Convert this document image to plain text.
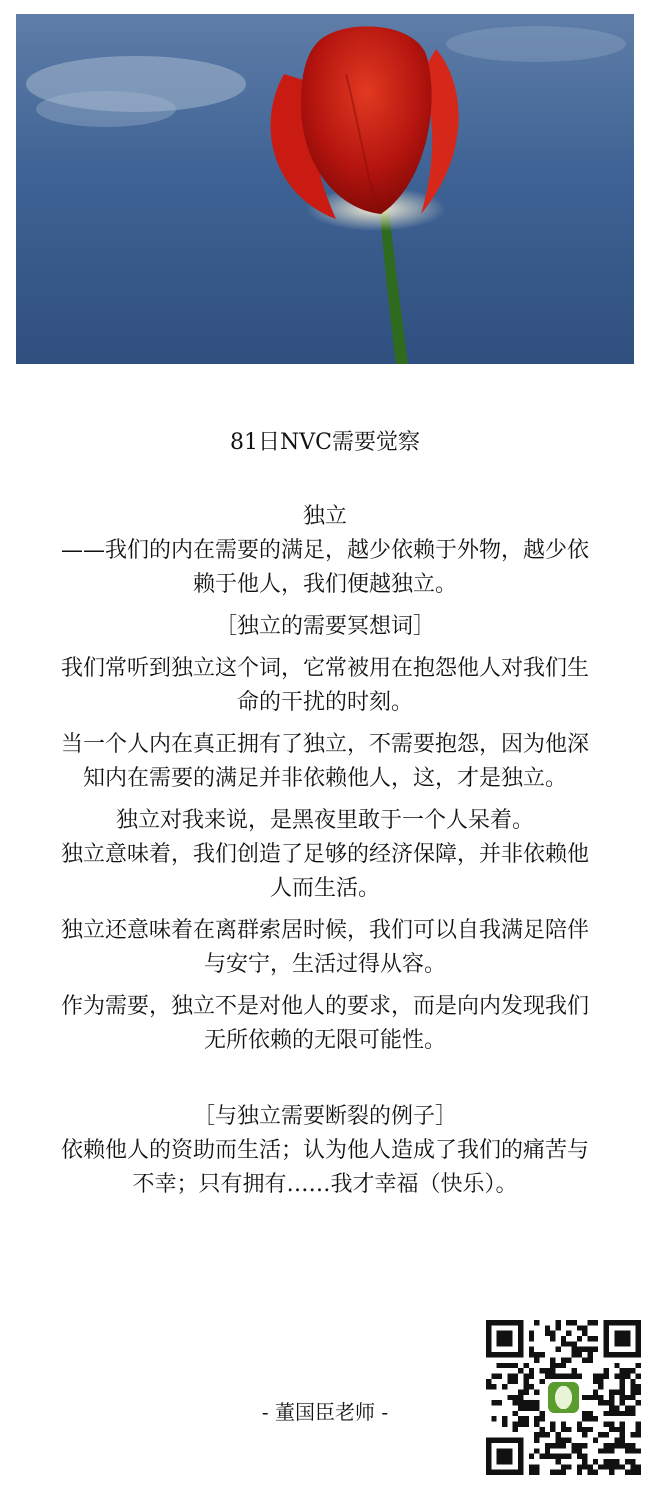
81日NVC需要觉察

独立

——我们的内在需要的满足，越少依赖于外物，越少依赖于他人，我们便越独立。

［独立的需要冥想词］

我们常听到独立这个词，它常被用在抱怨他人对我们生命的干扰的时刻。

当一个人内在真正拥有了独立，不需要抱怨，因为他深知内在需要的满足并非依赖他人，这，才是独立。

独立对我来说，是黑夜里敢于一个人呆着。

独立意味着，我们创造了足够的经济保障，并非依赖他人而生活。

独立还意味着在离群索居时候，我们可以自我满足陪伴与安宁，生活过得从容。

作为需要，独立不是对他人的要求，而是向内发现我们无所依赖的无限可能性。

［与独立需要断裂的例子］

依赖他人的资助而生活；认为他人造成了我们的痛苦与不幸；只有拥有……我才幸福（快乐）。

- 董国臣老师 -
